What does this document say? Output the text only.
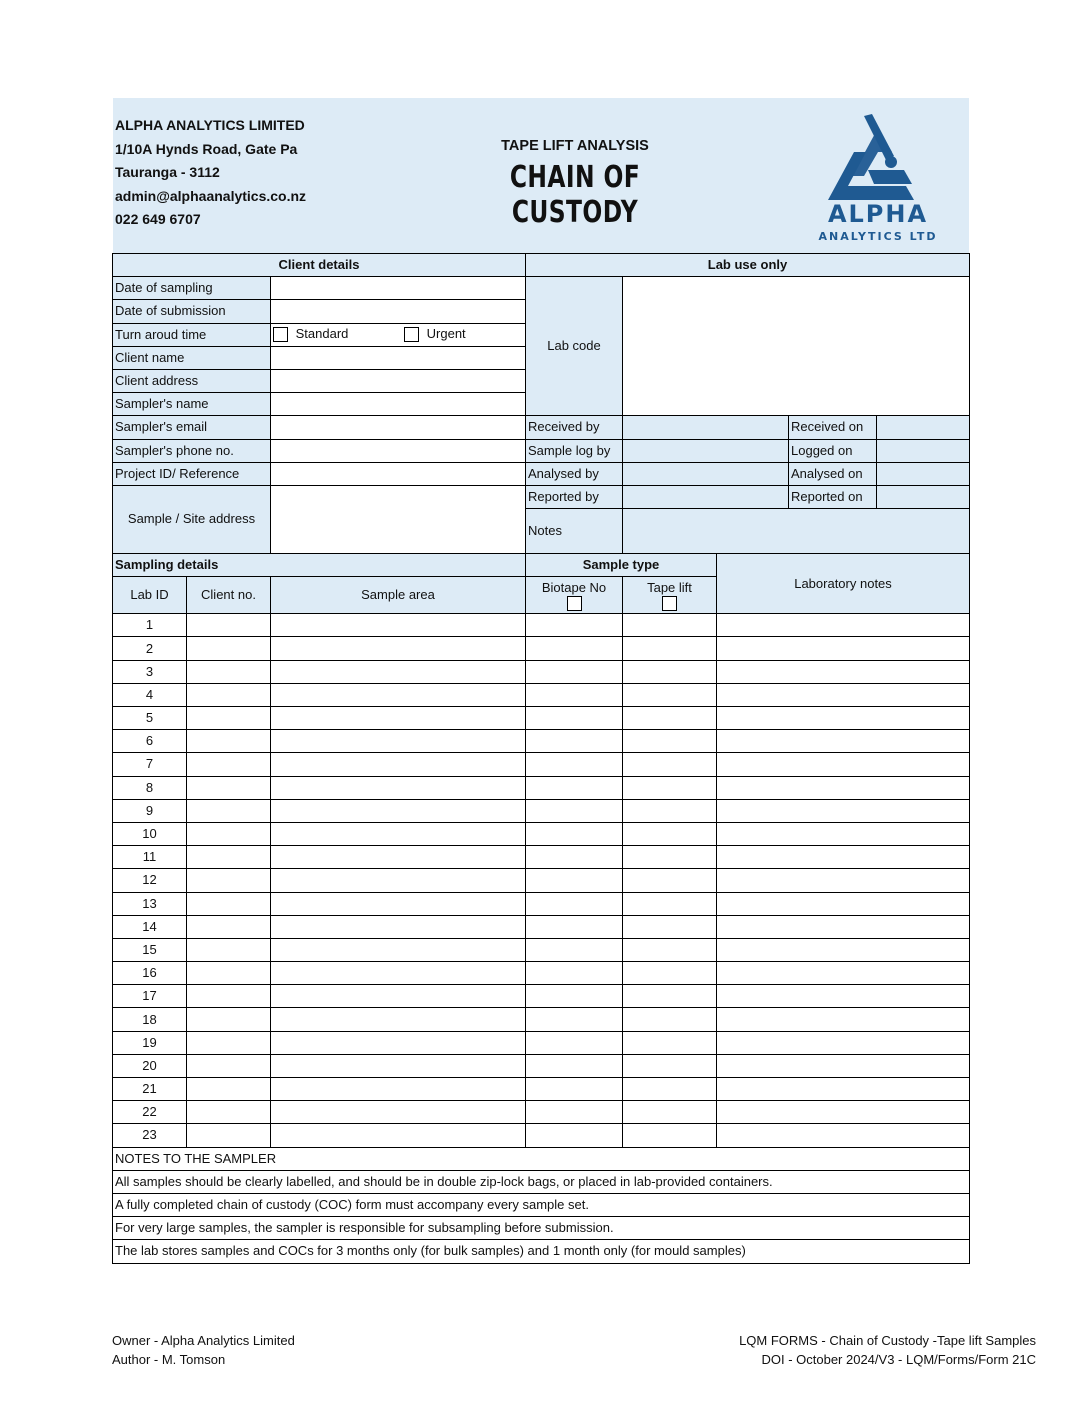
ALPHA ANALYTICS LIMITED
1/10A Hynds Road, Gate Pa
Tauranga - 3112
admin@alphaanalytics.co.nz
022 649 6707
TAPE LIFT ANALYSIS
CHAIN OF CUSTODY	ALPHA
ANALYTICS LTD
Client details			Lab use only				
Date of sampling			Lab code				
Date of submission							
Turn aroud time		Standard Urgent					
Client name							
Client address							
Sampler's name							
Sampler's email			Received by			Received on	
Sampler's phone no.			Sample log by			Logged on	
Project ID/ Reference			Analysed by			Analysed on	
Sample / Site address			Reported by			Reported on	
			Notes				
Sampling details			Sample type		Laboratory notes		
Lab ID	Client no.	Sample area	Biotape No	Tape lift			

1							
2							
3							
4							
5							
6							
7							
8							
9							
10							
11							
12							
13							
14							
15							
16							
17							
18							
19							
20							
21							
22							
23							
NOTES TO THE SAMPLER							
All samples should be clearly labelled, and should be in double zip-lock bags, or placed in lab-provided containers.							
A fully completed chain of custody (COC) form must accompany every sample set.							
For very large samples, the sampler is responsible for subsampling before submission.							
The lab stores samples and COCs for 3 months only (for bulk samples) and 1 month only (for mould samples)							
Owner - Alpha Analytics Limited
Author - M. Tomson
LQM FORMS - Chain of Custody -Tape lift Samples
DOI - October 2024/V3 - LQM/Forms/Form 21C
